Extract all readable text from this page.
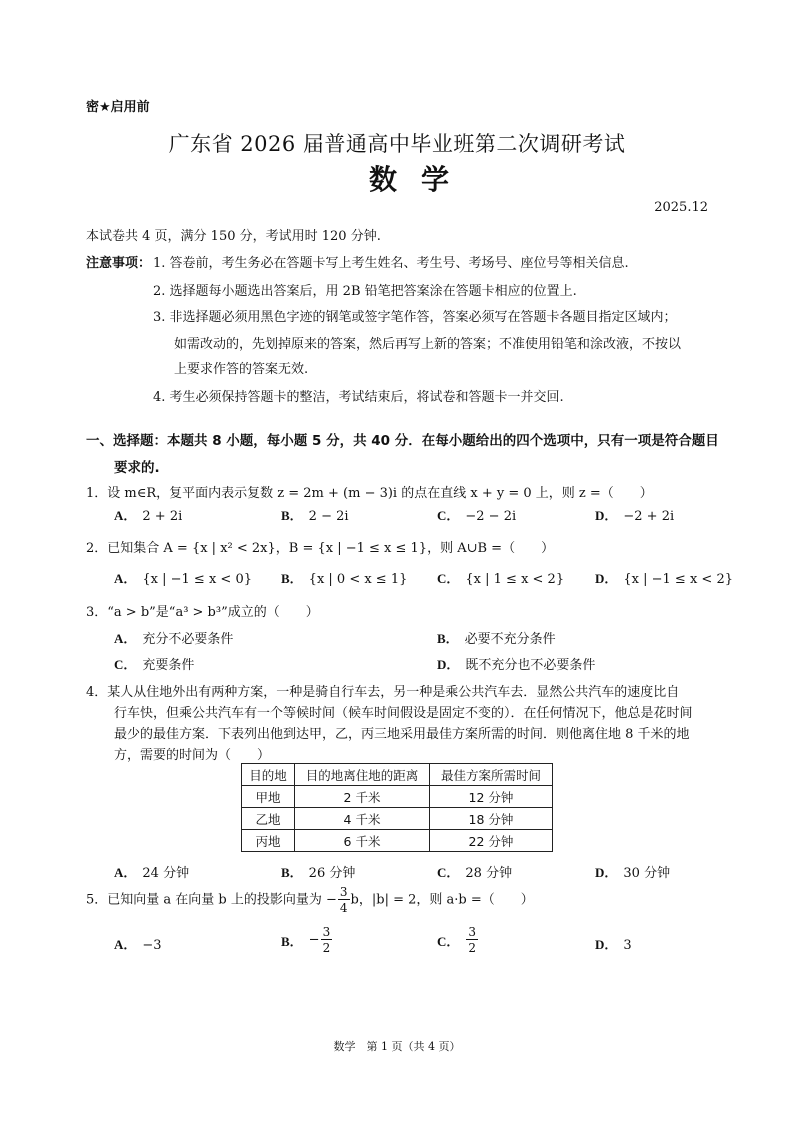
密★启用前
广东省 2026 届普通高中毕业班第二次调研考试
数学
2025.12
本试卷共 4 页，满分 150 分，考试用时 120 分钟.
注意事项： 1. 答卷前，考生务必在答题卡写上考生姓名、考生号、考场号、座位号等相关信息.
2. 选择题每小题选出答案后，用 2B 铅笔把答案涂在答题卡相应的位置上.
3. 非选择题必须用黑色字迹的钢笔或签字笔作答，答案必须写在答题卡各题目指定区域内；
如需改动的，先划掉原来的答案，然后再写上新的答案；不准使用铅笔和涂改液，不按以
上要求作答的答案无效.
4. 考生必须保持答题卡的整洁，考试结束后，将试卷和答题卡一并交回.
一、选择题：本题共 8 小题，每小题 5 分，共 40 分．在每小题给出的四个选项中，只有一项是符合题目
要求的.
1．设 m∈R，复平面内表示复数 z = 2m + (m − 3)i 的点在直线 x + y = 0 上，则 z =（　　）
A． 2 + 2i	B． 2 − 2i	C． −2 − 2i	D． −2 + 2i
2．已知集合 A = {x | x² < 2x}，B = {x | −1 ≤ x ≤ 1}，则 A∪B =（　　）
A． {x | −1 ≤ x < 0} B． {x | 0 < x ≤ 1} C． {x | 1 ≤ x < 2} D． {x | −1 ≤ x < 2}
3．“a > b”是“a³ > b³”成立的（　　）
A． 充分不必要条件	B． 必要不充分条件
C． 充要条件	D． 既不充分也不必要条件
4．某人从住地外出有两种方案，一种是骑自行车去，另一种是乘公共汽车去．显然公共汽车的速度比自
行车快，但乘公共汽车有一个等候时间（候车时间假设是固定不变的）．在任何情况下，他总是花时间
最少的最佳方案．下表列出他到达甲，乙，丙三地采用最佳方案所需的时间．则他离住地 8 千米的地
方，需要的时间为（　　）
目的地	目的地离住地的距离	最佳方案所需时间
甲地	2 千米	12 分钟
乙地	4 千米	18 分钟
丙地	6 千米	22 分钟
A． 24 分钟	B． 26 分钟	C． 28 分钟	D． 30 分钟
5．已知向量 a 在向量 b 上的投影向量为 − $\frac{3}{4}$ b，|b| = 2，则 a·b =（　　）
A． −3	B． − $\frac{3}{2}$	C． $\frac{3}{2}$	D． 3
数学　第 1 页（共 4 页）
